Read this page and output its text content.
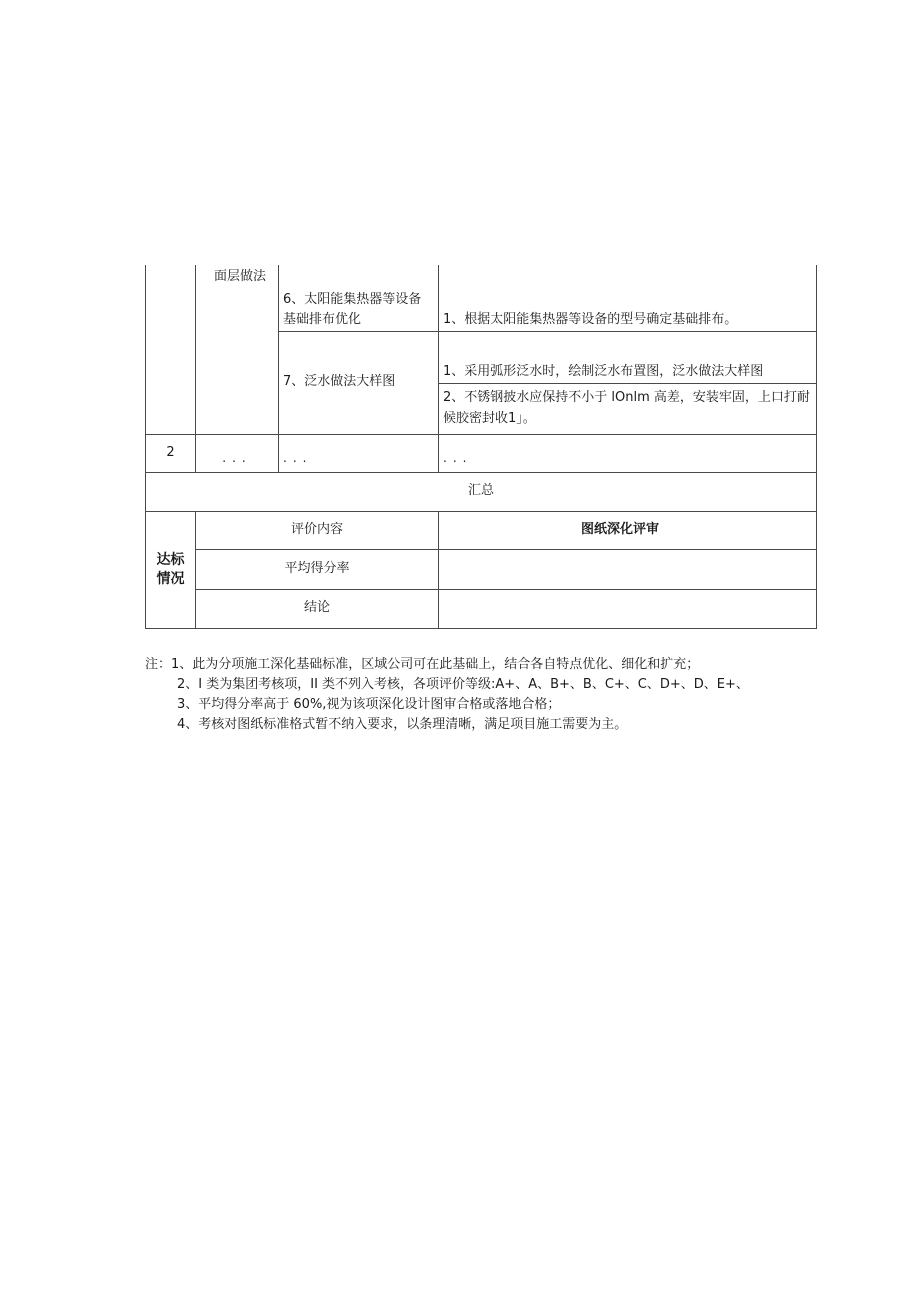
	面层做法	6、太阳能集热器等设备基础排布优化	1、根据太阳能集热器等设备的型号确定基础排布。
		7、泛水做法大样图	1、采用弧形泛水时，绘制泛水布置图，泛水做法大样图
			2、不锈钢披水应保持不小于 lOnlm 高差，安装牢固，上口打耐候胶密封收1」。
2	...	...	...
汇总			

达标
情况	评价内容		图纸深化评审
	平均得分率		
	结论		
注：1、此为分项施工深化基础标准，区域公司可在此基础上，结合各自特点优化、细化和扩充；
2、I 类为集团考核项，II 类不列入考核，各项评价等级:A+、A、B+、B、C+、C、D+、D、E+、
3、平均得分率高于 60%,视为该项深化设计图审合格或落地合格；
4、考核对图纸标准格式暂不纳入要求，以条理清晰，满足项目施工需要为主。
